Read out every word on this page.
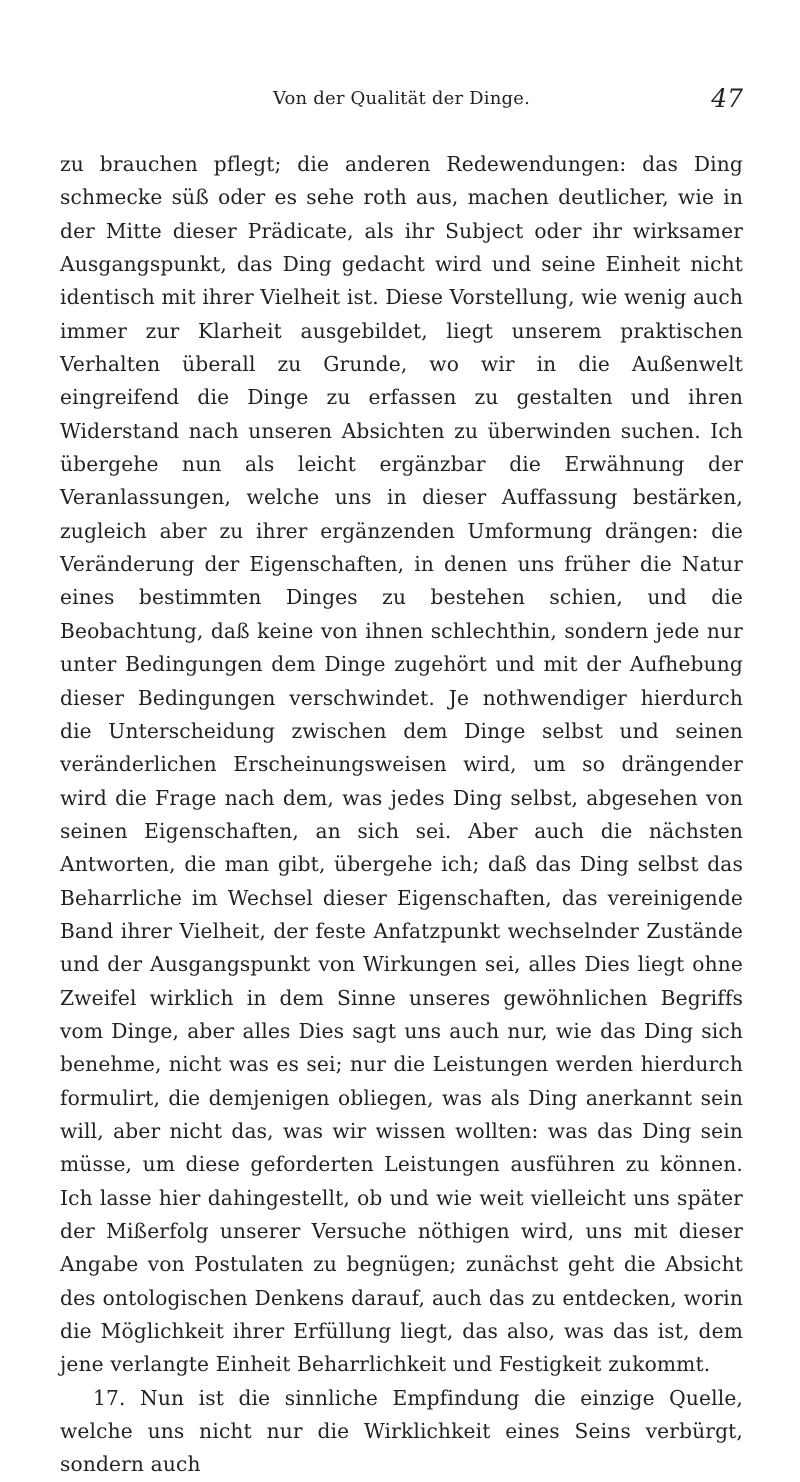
Von der Qualität der Dinge.	47

zu brauchen pflegt; die anderen Redewendungen: das Ding schmecke süß oder es sehe roth aus, machen deutlicher, wie in der Mitte dieser Prädicate, als ihr Subject oder ihr wirksamer Ausgangspunkt, das Ding gedacht wird und seine Einheit nicht identisch mit ihrer Vielheit ist. Diese Vorstellung, wie wenig auch immer zur Klarheit ausgebildet, liegt unserem praktischen Verhalten überall zu Grunde, wo wir in die Außenwelt eingreifend die Dinge zu erfassen zu gestalten und ihren Widerstand nach unseren Absichten zu überwinden suchen. Ich übergehe nun als leicht ergänzbar die Erwähnung der Veranlassungen, welche uns in dieser Auffassung bestärken, zugleich aber zu ihrer ergänzenden Umformung drängen: die Veränderung der Eigenschaften, in denen uns früher die Natur eines bestimmten Dinges zu bestehen schien, und die Beobachtung, daß keine von ihnen schlechthin, sondern jede nur unter Bedingungen dem Dinge zugehört und mit der Aufhebung dieser Bedingungen verschwindet. Je nothwendiger hierdurch die Unterscheidung zwischen dem Dinge selbst und seinen veränderlichen Erscheinungsweisen wird, um so drängender wird die Frage nach dem, was jedes Ding selbst, abgesehen von seinen Eigenschaften, an sich sei. Aber auch die nächsten Antworten, die man gibt, übergehe ich; daß das Ding selbst das Beharrliche im Wechsel dieser Eigenschaften, das vereinigende Band ihrer Vielheit, der feste Anfatzpunkt wechselnder Zustände und der Ausgangspunkt von Wirkungen sei, alles Dies liegt ohne Zweifel wirklich in dem Sinne unseres gewöhnlichen Begriffs vom Dinge, aber alles Dies sagt uns auch nur, wie das Ding sich benehme, nicht was es sei; nur die Leistungen werden hierdurch formulirt, die demjenigen obliegen, was als Ding anerkannt sein will, aber nicht das, was wir wissen wollten: was das Ding sein müsse, um diese geforderten Leistungen ausführen zu können. Ich lasse hier dahingestellt, ob und wie weit vielleicht uns später der Mißerfolg unserer Versuche nöthigen wird, uns mit dieser Angabe von Postulaten zu begnügen; zunächst geht die Absicht des ontologischen Denkens darauf, auch das zu entdecken, worin die Möglichkeit ihrer Erfüllung liegt, das also, was das ist, dem jene verlangte Einheit Beharrlichkeit und Festigkeit zukommt.

17. Nun ist die sinnliche Empfindung die einzige Quelle, welche uns nicht nur die Wirklichkeit eines Seins verbürgt, sondern auch
